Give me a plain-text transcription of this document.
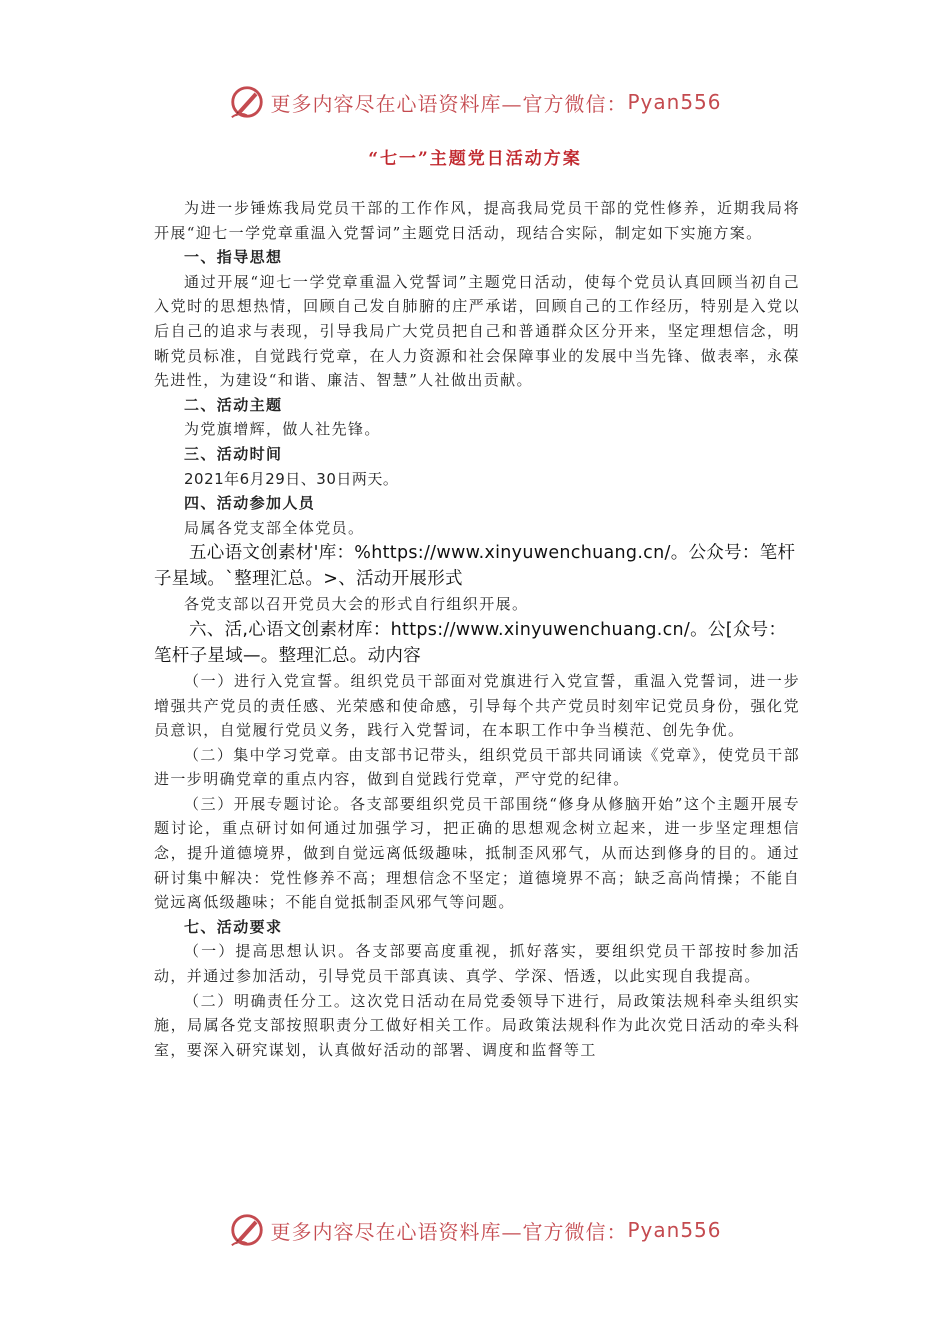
更多内容尽在心语资料库—官方微信： Pyan556
“七一”主题党日活动方案

为进一步锤炼我局党员干部的工作作风，提高我局党员干部的党性修养，近期我局将开展“迎七一学党章重温入党誓词”主题党日活动，现结合实际，制定如下实施方案。

一、指导思想

通过开展“迎七一学党章重温入党誓词”主题党日活动，使每个党员认真回顾当初自己入党时的思想热情，回顾自己发自肺腑的庄严承诺，回顾自己的工作经历，特别是入党以后自己的追求与表现，引导我局广大党员把自己和普通群众区分开来，坚定理想信念，明晰党员标准，自觉践行党章，在人力资源和社会保障事业的发展中当先锋、做表率，永葆先进性，为建设“和谐、廉洁、智慧”人社做出贡献。

二、活动主题

为党旗增辉，做人社先锋。

三、活动时间

2021年6月29日、30日两天。

四、活动参加人员

局属各党支部全体党员。

五心语文创素材'库：%https://www.xinyuwenchuang.cn/。公众号：笔杆子星域。`整理汇总。>、活动开展形式

各党支部以召开党员大会的形式自行组织开展。

六、活,心语文创素材库：https://www.xinyuwenchuang.cn/。公[众号：笔杆子星域—。整理汇总。动内容

（一）进行入党宣誓。组织党员干部面对党旗进行入党宣誓，重温入党誓词，进一步增强共产党员的责任感、光荣感和使命感，引导每个共产党员时刻牢记党员身份，强化党员意识，自觉履行党员义务，践行入党誓词，在本职工作中争当模范、创先争优。

（二）集中学习党章。由支部书记带头，组织党员干部共同诵读《党章》，使党员干部进一步明确党章的重点内容，做到自觉践行党章，严守党的纪律。

（三）开展专题讨论。各支部要组织党员干部围绕“修身从修脑开始”这个主题开展专题讨论，重点研讨如何通过加强学习，把正确的思想观念树立起来，进一步坚定理想信念，提升道德境界，做到自觉远离低级趣味，抵制歪风邪气，从而达到修身的目的。通过研讨集中解决：党性修养不高；理想信念不坚定；道德境界不高；缺乏高尚情操；不能自觉远离低级趣味；不能自觉抵制歪风邪气等问题。

七、活动要求

（一）提高思想认识。各支部要高度重视，抓好落实，要组织党员干部按时参加活动，并通过参加活动，引导党员干部真读、真学、学深、悟透，以此实现自我提高。

（二）明确责任分工。这次党日活动在局党委领导下进行，局政策法规科牵头组织实施，局属各党支部按照职责分工做好相关工作。局政策法规科作为此次党日活动的牵头科室，要深入研究谋划，认真做好活动的部署、调度和监督等工

更多内容尽在心语资料库—官方微信： Pyan556
